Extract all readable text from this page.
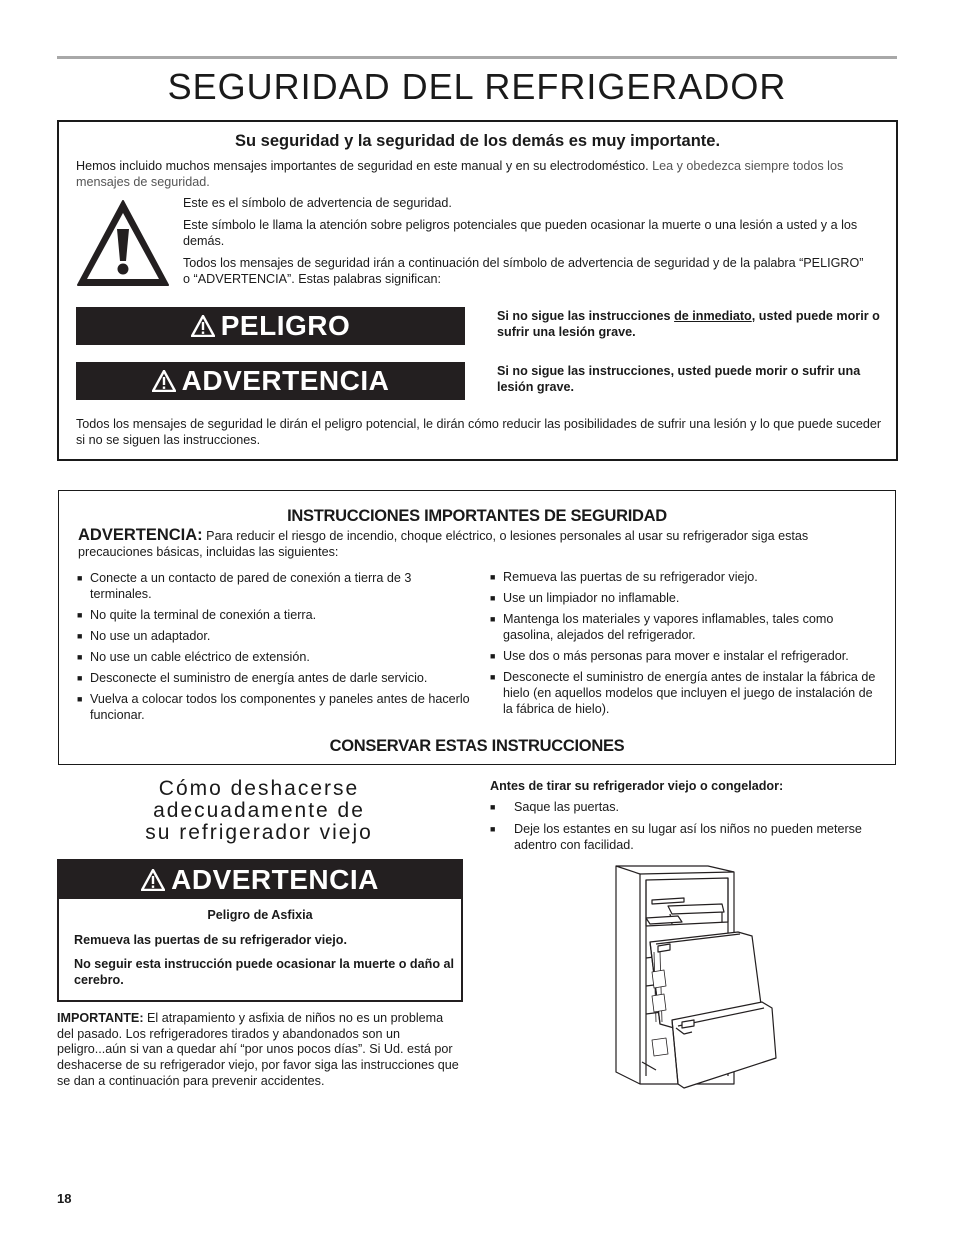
SEGURIDAD DEL REFRIGERADOR
Su seguridad y la seguridad de los demás es muy importante.

Hemos incluido muchos mensajes importantes de seguridad en este manual y en su electrodoméstico. Lea y obedezca siempre todos los mensajes de seguridad.

Este es el símbolo de advertencia de seguridad.

Este símbolo le llama la atención sobre peligros potenciales que pueden ocasionar la muerte o una lesión a usted y a los demás.

Todos los mensajes de seguridad irán a continuación del símbolo de advertencia de seguridad y de la palabra “PELIGRO” o “ADVERTENCIA”. Estas palabras significan:

PELIGRO
ADVERTENCIA

Si no sigue las instrucciones de inmediato, usted puede morir o sufrir una lesión grave.

Si no sigue las instrucciones, usted puede morir o sufrir una lesión grave.

Todos los mensajes de seguridad le dirán el peligro potencial, le dirán cómo reducir las posibilidades de sufrir una lesión y lo que puede suceder si no se siguen las instrucciones.

INSTRUCCIONES IMPORTANTES DE SEGURIDAD

ADVERTENCIA: Para reducir el riesgo de incendio, choque eléctrico, o lesiones personales al usar su refrigerador siga estas precauciones básicas, incluidas las siguientes:

■ Conecte a un contacto de pared de conexión a tierra de 3 terminales.
■ No quite la terminal de conexión a tierra.
■ No use un adaptador.
■ No use un cable eléctrico de extensión.
■ Desconecte el suministro de energía antes de darle servicio.
■ Vuelva a colocar todos los componentes y paneles antes de hacerlo funcionar.
■ Remueva las puertas de su refrigerador viejo.
■ Use un limpiador no inflamable.
■ Mantenga los materiales y vapores inflamables, tales como gasolina, alejados del refrigerador.
■ Use dos o más personas para mover e instalar el refrigerador.
■ Desconecte el suministro de energía antes de instalar la fábrica de hielo (en aquellos modelos que incluyen el juego de instalación de la fábrica de hielo).
CONSERVAR ESTAS INSTRUCCIONES
Cómo deshacerse
adecuadamente de
su refrigerador viejo
ADVERTENCIA

Peligro de Asfixia

Remueva las puertas de su refrigerador viejo.

No seguir esta instrucción puede ocasionar la muerte o daño al cerebro.

IMPORTANTE: El atrapamiento y asfixia de niños no es un problema del pasado. Los refrigeradores tirados y abandonados son un peligro...aún si van a quedar ahí “por unos pocos días”. Si Ud. está por deshacerse de su refrigerador viejo, por favor siga las instrucciones que se dan a continuación para prevenir accidentes.

Antes de tirar su refrigerador viejo o congelador:

■ Saque las puertas.
■ Deje los estantes en su lugar así los niños no pueden meterse adentro con facilidad.
18
